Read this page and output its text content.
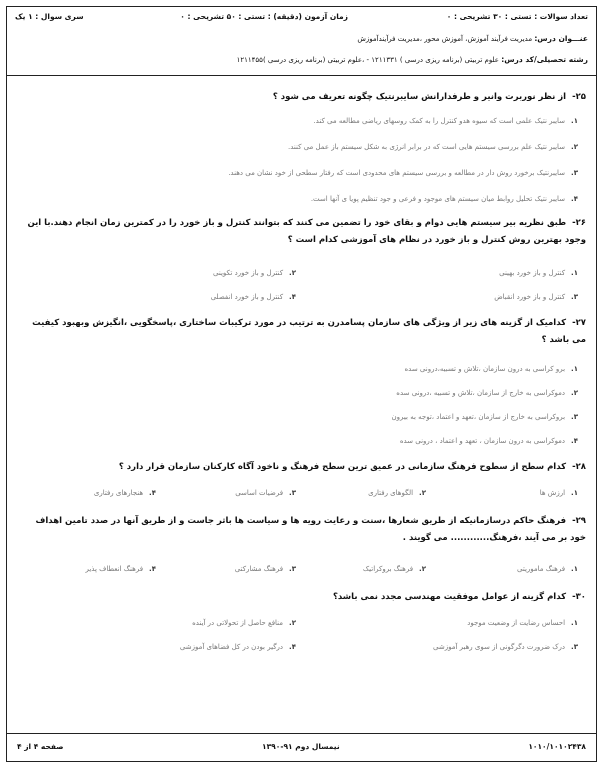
تعداد سوالات : تستی : ۳۰ تشریحی : ۰
زمان آزمون (دقیقه) : تستی : ۵۰ تشریحی : ۰
سری سوال : ۱ یک
عنـــوان درس: مدیریت فرآیند آموزش، آموزش محور ،مدیریت فرآیندآموزش
رشته تحصیلی/کد درس: علوم تربیتی (برنامه ریزی درسی ) ۱۲۱۱۳۳۱ - ،علوم تربیتی (برنامه ریزی درسی )۱۲۱۱۴۵۵
۲۵-از نظر نوربرت وانیر و طرفدارانش سایبرنتیک چگونه تعریف می شود ؟
۱.سایبر نتیک علمی است که سیوه هدو کنترل را به کمک روسهای ریاضی مطالعه می کند.
۲.سایبر نتیک علم بررسی سیستم هایی است که در برابر انرژی به شکل سیستم باز عمل می کنند.
۳.سایبرنتیک برخورد روش دار در مطالعه و بررسی سیستم های محدودی است که رفتار سطحی از خود نشان می دهند.
۴.سایبر نتیک تحلیل روابط میان سیستم های موجود و فرعی و جود تنظیم پویا ی آنها است.
۲۶-طبق نظریه بیر سیستم هایی دوام و بقای خود را تضمین می کنند که بتوانند کنترل و باز خورد را در کمترین زمان انجام دهند.با این وجود بهترین روش کنترل و باز خورد در نظام های آموزشی کدام است ؟
۱.کنترل و باز خورد بهینی
۲.کنترل و باز خورد تکوینی
۳.کنترل و باز خورد انقباض
۴.کنترل و باز خورد انفصلی
۲۷-کدامیک از گزینه های زیر از ویژگی های سازمان پسامدرن به ترتیب در مورد ترکیبات ساختاری ،پاسخگویی ،انگیزش وبهبود کیفیت می باشد ؟
۱.برو کراسی به درون سازمان ،تلاش و تسبیه،درونی سده
۲.دموکراسی به خارج از سازمان ،تلاش و تسبیه ،درونی سده
۳.بروکراسی به خارج از سازمان ،تعهد و اعتماد ،توجه به بیرون
۴.دموکراسی به درون سازمان ، تعهد و اعتماد ، درونی سده
۲۸-کدام سطح از سطوح فرهنگ سازمانی در عمیق ترین سطح فرهنگ و ناخود آگاه کارکنان سازمان قرار دارد ؟
۱.ارزش ها
۲.الگوهای رفتاری
۳.فرضیات اساسی
۴.هنجارهای رفتاری
۲۹-فرهنگ حاکم درسازمانیکه از طریق شعارها ،سنت و رعایت رویه ها و سیاست ها باثر جاست و از طریق آنها در صدد تامین اهداف خود بر می آیند ،فرهنگ............ می گویند .
۱.فرهنگ ماموریتی
۲.فرهنگ بروکراتیک
۳.فرهنگ مشارکتی
۴.فرهنگ انعطاف پذیر
۳۰-کدام گزینه از عوامل موفقیت مهندسی مجدد نمی باشد؟
۱.احساس رضایت از وضعیت موجود
۲.منافع حاصل از تحولاتی در آینده
۳.درک ضرورت دگرگونی از سوی رهبر آموزشی
۴.درگیر بودن در کل فضاهای آموزشی
صفحه ۴ از ۴	نیمسال دوم ۹۱-۱۳۹۰	۱۰۱۰/۱۰۱۰۲۴۳۸
